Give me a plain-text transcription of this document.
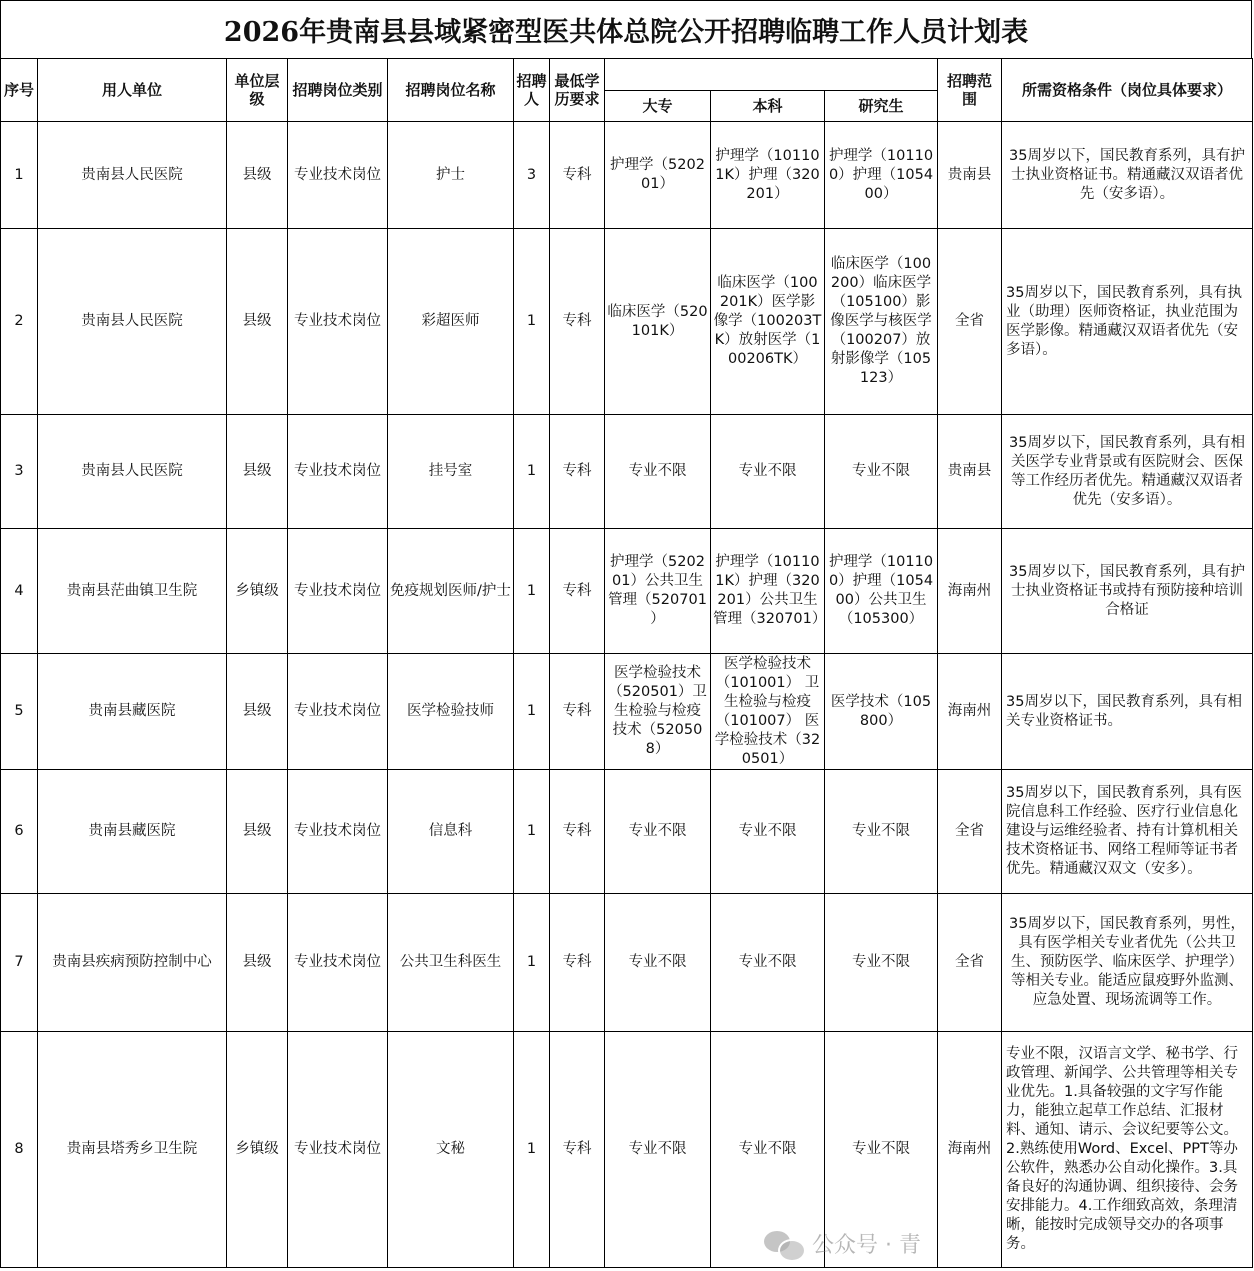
2026年贵南县县域紧密型医共体总院公开招聘临聘工作人员计划表
序号	用人单位	单位层级	招聘岗位类别	招聘岗位名称	招聘人	最低学历要求				招聘范围	所需资格条件（岗位具体要求）
							大专	本科	研究生		
1	贵南县人民医院	县级	专业技术岗位	护士	3	专科	护理学（520201）	护理学（101101K）护理（320201）	护理学（101100）护理（105400）	贵南县	35周岁以下，国民教育系列，具有护士执业资格证书。精通藏汉双语者优先（安多语）。
2	贵南县人民医院	县级	专业技术岗位	彩超医师	1	专科	临床医学（520101K）	临床医学（100201K）医学影像学（100203TK）放射医学（100206TK）	临床医学（100200）临床医学（105100）影像医学与核医学（100207）放射影像学（105123）	全省	35周岁以下，国民教育系列，具有执业（助理）医师资格证，执业范围为医学影像。精通藏汉双语者优先（安多语）。
3	贵南县人民医院	县级	专业技术岗位	挂号室	1	专科	专业不限	专业不限	专业不限	贵南县	35周岁以下，国民教育系列，具有相关医学专业背景或有医院财会、医保等工作经历者优先。精通藏汉双语者优先（安多语）。
4	贵南县茫曲镇卫生院	乡镇级	专业技术岗位	免疫规划医师/护士	1	专科	护理学（520201）公共卫生管理（520701 ）	护理学（101101K）护理（320201）公共卫生管理（320701）	护理学（101100）护理（105400）公共卫生（105300）	海南州	35周岁以下，国民教育系列，具有护士执业资格证书或持有预防接种培训合格证
5	贵南县藏医院	县级	专业技术岗位	医学检验技师	1	专科	医学检验技术（520501）卫生检验与检疫技术（520508）	医学检验技术（101001） 卫生检验与检疫（101007） 医学检验技术（320501）	医学技术（105800）	海南州	35周岁以下，国民教育系列，具有相关专业资格证书。
6	贵南县藏医院	县级	专业技术岗位	信息科	1	专科	专业不限	专业不限	专业不限	全省	35周岁以下，国民教育系列，具有医院信息科工作经验、医疗行业信息化建设与运维经验者、持有计算机相关技术资格证书、网络工程师等证书者优先。精通藏汉双文（安多）。
7	贵南县疾病预防控制中心	县级	专业技术岗位	公共卫生科医生	1	专科	专业不限	专业不限	专业不限	全省	35周岁以下，国民教育系列，男性，具有医学相关专业者优先（公共卫生、预防医学、临床医学、护理学）等相关专业。能适应鼠疫野外监测、应急处置、现场流调等工作。
8	贵南县塔秀乡卫生院	乡镇级	专业技术岗位	文秘	1	专科	专业不限	专业不限	专业不限	海南州	专业不限，汉语言文学、秘书学、行政管理、新闻学、公共管理等相关专业优先。1.具备较强的文字写作能力，能独立起草工作总结、汇报材料、通知、请示、会议纪要等公文。2.熟练使用Word、Excel、PPT等办公软件，熟悉办公自动化操作。3.具备良好的沟通协调、组织接待、会务安排能力。4.工作细致高效，条理清晰，能按时完成领导交办的各项事务。
公众号 · 青
